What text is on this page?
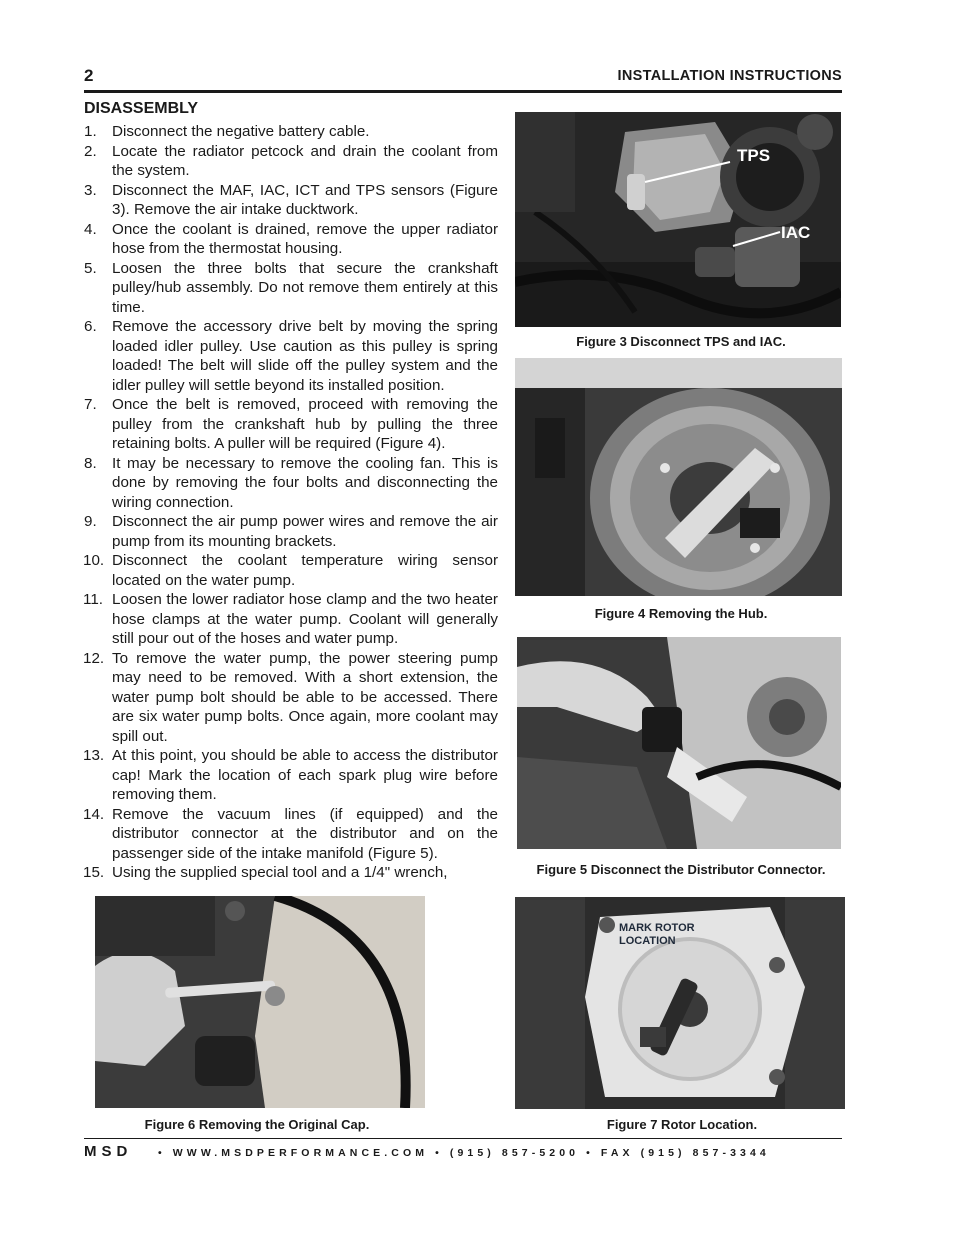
2	INSTALLATION INSTRUCTIONS
DISASSEMBLY
1.	Disconnect the negative battery cable.
2.	Locate the radiator petcock and drain the coolant from the system.
3.	Disconnect the MAF, IAC, ICT and TPS sensors (Figure 3). Remove the air intake ducktwork.
4.	Once the coolant is drained, remove the upper radiator hose from the thermostat housing.
5.	Loosen the three bolts that secure the crankshaft pulley/hub assembly. Do not remove them entirely at this time.
6.	Remove the accessory drive belt by moving the spring loaded idler pulley. Use caution as this pulley is spring loaded! The belt will slide off the pulley system and the idler pulley will settle beyond its installed position.
7.	Once the belt is removed, proceed with removing the pulley from the crankshaft hub by pulling the three retaining bolts. A puller will be required (Figure 4).
8.	It may be necessary to remove the cooling fan. This is done by removing the four bolts and disconnecting the wiring connection.
9.	Disconnect the air pump power wires and remove the air pump from its mounting brackets.
10. Disconnect the coolant temperature wiring sensor located on the water pump.
11. Loosen the lower radiator hose clamp and the two heater hose clamps at the water pump. Coolant will generally still pour out of the hoses and water pump.
12. To remove the water pump, the power steering pump may need to be removed. With a short extension, the water pump bolt should be able to be accessed. There are six water pump bolts. Once again, more coolant may spill out.
13. At this point, you should be able to access the distributor cap! Mark the location of each spark plug wire before removing them.
14. Remove the vacuum lines (if equipped) and the distributor connector at the distributor and on the passenger side of the intake manifold (Figure 5).
15. Using the supplied special tool and a 1/4" wrench,
TPS
IAC
Figure 3 Disconnect TPS and IAC.
Figure 4 Removing the Hub.
Figure 5 Disconnect the Distributor Connector.
Figure 6 Removing the Original Cap.
MARK ROTOR
LOCATION
Figure 7 Rotor Location.
MSD • WWW.MSDPERFORMANCE.COM • (915) 857-5200 • FAX (915) 857-3344
